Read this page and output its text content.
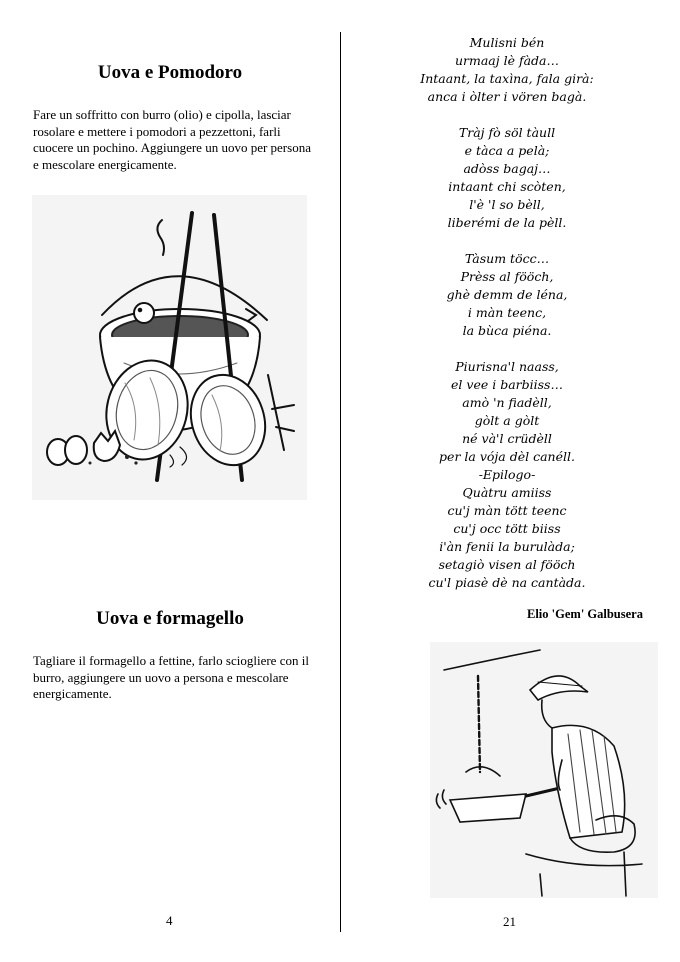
Uova e Pomodoro

Fare un soffritto con burro (olio) e cipolla, lasciar rosolare e mettere i pomodori a pezzettoni, farli cuocere un pochino. Aggiungere un uovo per persona e mescolare energicamente.

Uova e formagello

Tagliare il formagello a fettine, farlo sciogliere con il burro, aggiungere un uovo a persona e mescolare energicamente.

4
Mulisni bén
urmaaj lè fàda…
Intaant, la taxìna, fala girà:
anca i òlter i vören bagà.
Tràj fò söl tàull
e tàca a pelà;
adòss bagaj…
intaant chi scòten,
l'è 'l so bèll,
liberémi de la pèll.
Tàsum töcc…
Prèss al fööch,
ghè demm de léna,
i màn teenc,
la bùca piéna.
Piurisna'l naass,
el vee i barbiiss…
amò 'n fiadèll,
gòlt a gòlt
né và'l crüdèll
per la vója dèl canéll.
-Epilogo-
Quàtru amiiss
cu'j màn tött teenc
cu'j occ tött biiss
i'àn fenii la burulàda;
setagiò visen al fööch
cu'l piasè dè na cantàda.
Elio 'Gem' Galbusera
21
